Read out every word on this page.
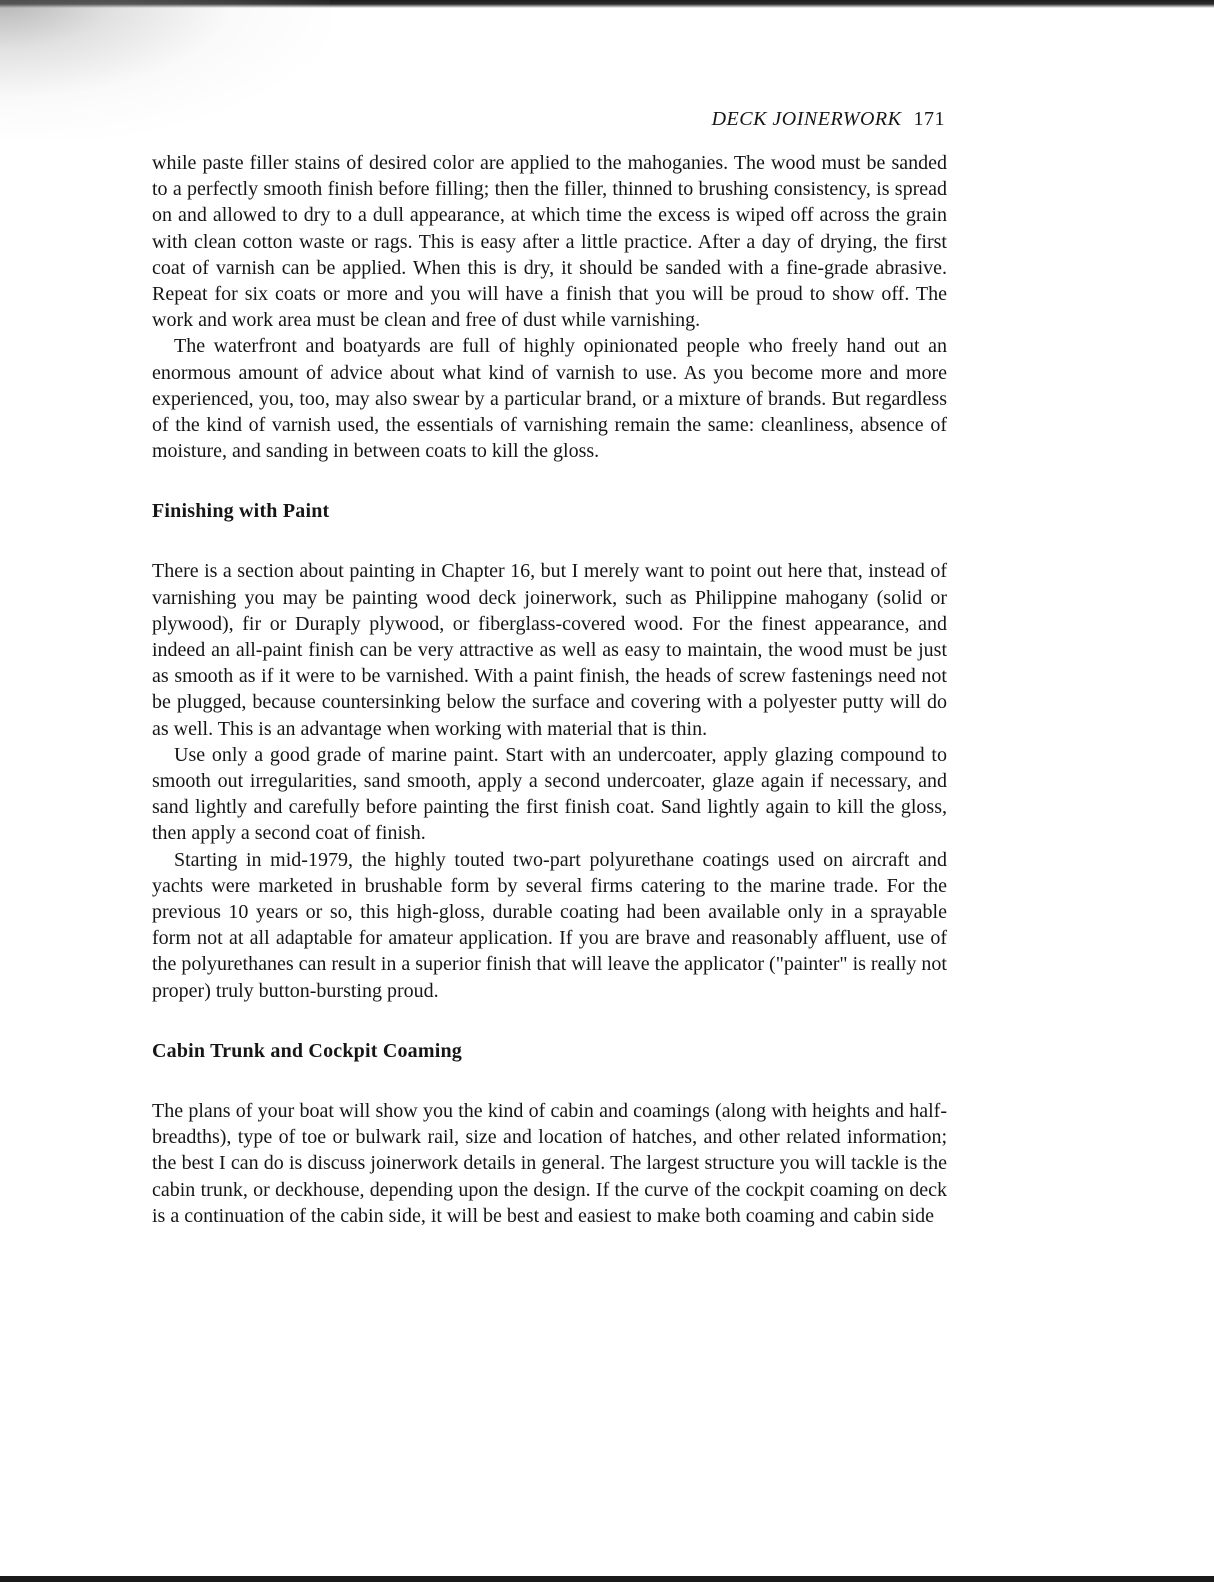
DECK JOINERWORK 171

while paste filler stains of desired color are applied to the mahoganies. The wood must be sanded to a perfectly smooth finish before filling; then the filler, thinned to brushing consistency, is spread on and allowed to dry to a dull appearance, at which time the excess is wiped off across the grain with clean cotton waste or rags. This is easy after a little practice. After a day of drying, the first coat of varnish can be applied. When this is dry, it should be sanded with a fine-grade abrasive. Repeat for six coats or more and you will have a finish that you will be proud to show off. The work and work area must be clean and free of dust while varnishing.

The waterfront and boatyards are full of highly opinionated people who freely hand out an enormous amount of advice about what kind of varnish to use. As you become more and more experienced, you, too, may also swear by a particular brand, or a mixture of brands. But regardless of the kind of varnish used, the essentials of varnishing remain the same: cleanliness, absence of moisture, and sanding in between coats to kill the gloss.

Finishing with Paint

There is a section about painting in Chapter 16, but I merely want to point out here that, instead of varnishing you may be painting wood deck joinerwork, such as Philippine mahogany (solid or plywood), fir or Duraply plywood, or fiberglass-covered wood. For the finest appearance, and indeed an all-paint finish can be very attractive as well as easy to maintain, the wood must be just as smooth as if it were to be varnished. With a paint finish, the heads of screw fastenings need not be plugged, because countersinking below the surface and covering with a polyester putty will do as well. This is an advantage when working with material that is thin.

Use only a good grade of marine paint. Start with an undercoater, apply glazing compound to smooth out irregularities, sand smooth, apply a second undercoater, glaze again if necessary, and sand lightly and carefully before painting the first finish coat. Sand lightly again to kill the gloss, then apply a second coat of finish.

Starting in mid-1979, the highly touted two-part polyurethane coatings used on aircraft and yachts were marketed in brushable form by several firms catering to the marine trade. For the previous 10 years or so, this high-gloss, durable coating had been available only in a sprayable form not at all adaptable for amateur application. If you are brave and reasonably affluent, use of the polyurethanes can result in a superior finish that will leave the applicator ("painter" is really not proper) truly button-bursting proud.

Cabin Trunk and Cockpit Coaming

The plans of your boat will show you the kind of cabin and coamings (along with heights and half-breadths), type of toe or bulwark rail, size and location of hatches, and other related information; the best I can do is discuss joinerwork details in general. The largest structure you will tackle is the cabin trunk, or deckhouse, depending upon the design. If the curve of the cockpit coaming on deck is a continuation of the cabin side, it will be best and easiest to make both coaming and cabin side
